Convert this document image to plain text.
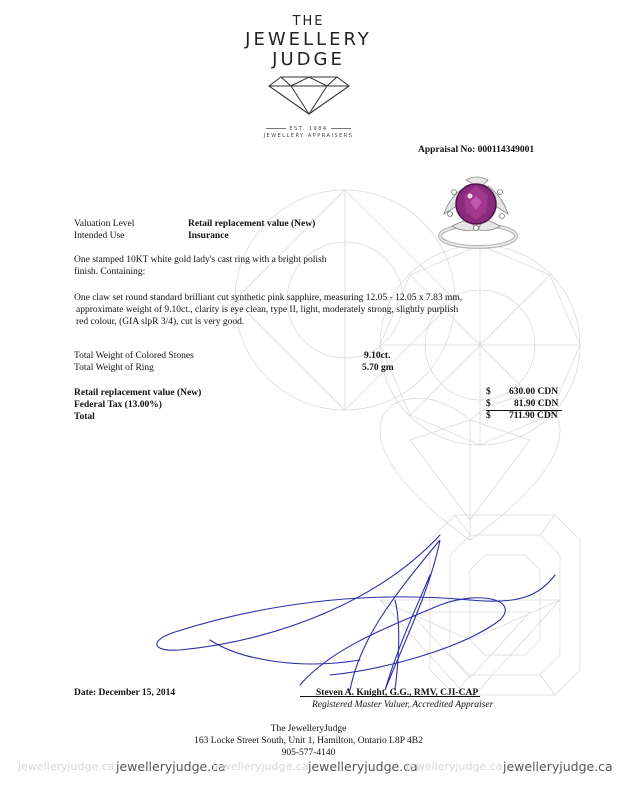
THE
JEWELLERY
JUDGE
EST. 1984
JEWELLERY APPRAISERS
Appraisal No: 000114349001
Valuation Level	Retail replacement value (New)
Intended Use	Insurance
One stamped 10KT white gold lady's cast ring with a bright polish
finish. Containing:
One claw set round standard brilliant cut synthetic pink sapphire, measuring 12.05 - 12.05 x 7.83 mm,
approximate weight of 9.10ct., clarity is eye clean, type II, light, moderately strong, slightly purplish
red colour, (GIA slpR 3/4), cut is very good.
Total Weight of Colored Stones	9.10ct.
Total Weight of Ring	5.70 gm
Retail replacement value (New)	$ 630.00 CDN
Federal Tax (13.00%)	$ 81.90 CDN
Total	$ 711.90 CDN
Date: December 15, 2014	Steven A. Knight, G.G., RMV, CJI-CAP
Registered Master Valuer, Accredited Appraiser
The JewelleryJudge
163 Locke Street South, Unit 1, Hamilton, Ontario L8P 4B2
905-577-4140
jewelleryjudge.ca jewelleryjudge.ca
jewelleryjudge.ca jewelleryjudge.ca
jewelleryjudge.ca jewelleryjudge.ca
